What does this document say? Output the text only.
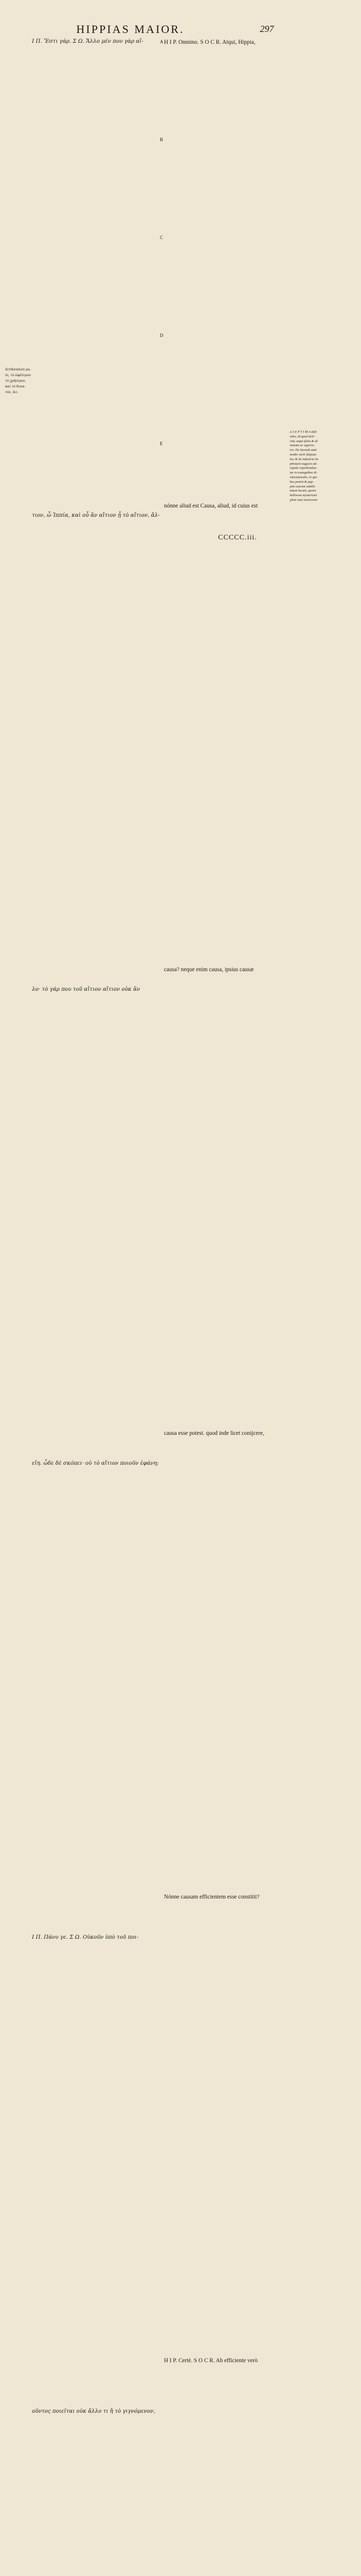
HIPPIAS MAIOR.	297
Ι Π. Ἔστι γάρ. Σ Ω. Ἄλλο μέν που γὰρ αἴ-
τιον, ὦ Ἱππία, καὶ οὗ ἂν αἴτιον ᾖ τὸ αἴτιον, ἄλ-
λο· τὸ γάρ που τοῦ αἴτιον αἴτιον οὐκ ἂν
εἴη. ὧδε δὲ σκόπει· οὐ τὸ αἴτιον ποιοῦν ἐφάνη;
Ι Π. Πάνυ γε. Σ Ω. Οὐκοῦν ὑπὸ τοῦ ποι-
οῦντος ποιεῖται οὐκ ἄλλο τι ἢ τὸ γιγνόμενον,
A
B
C
D
E
H I P. Omnino. S O C R. Atqui, Hippia,
nónne aliud est Causa, aliud, id cuius est
causa? neque enim causa, ipsius causæ
causa esse potest. quod inde licet conijcere,
Nónne causam efficientem esse constitit?
H I P. Certè. S O C R. Ab efficiente verò
Scribendum pu-
to, τὸ ὠφέλιμον
τὸ χρήσιμον,
καὶ τὸ δυνα-
τὸν, &c.
a S E P T I M A defi-
nitio, Id quod dele-
ctat, æque falsa & di-
minuta ac superio-
res. De Iucundi autē
modis variè disputa-
tur, & de industria So
phistarū nugaces de-
cipulæ reprehendun-
tur in exanguibus di-
stinctiunculis, in qui-
bus protrā & pup-
pim suarum subtili-
tatum locant, quorū
bellorum mysteriorū
pleni sunt nostrorum
CCCCC.iii.
